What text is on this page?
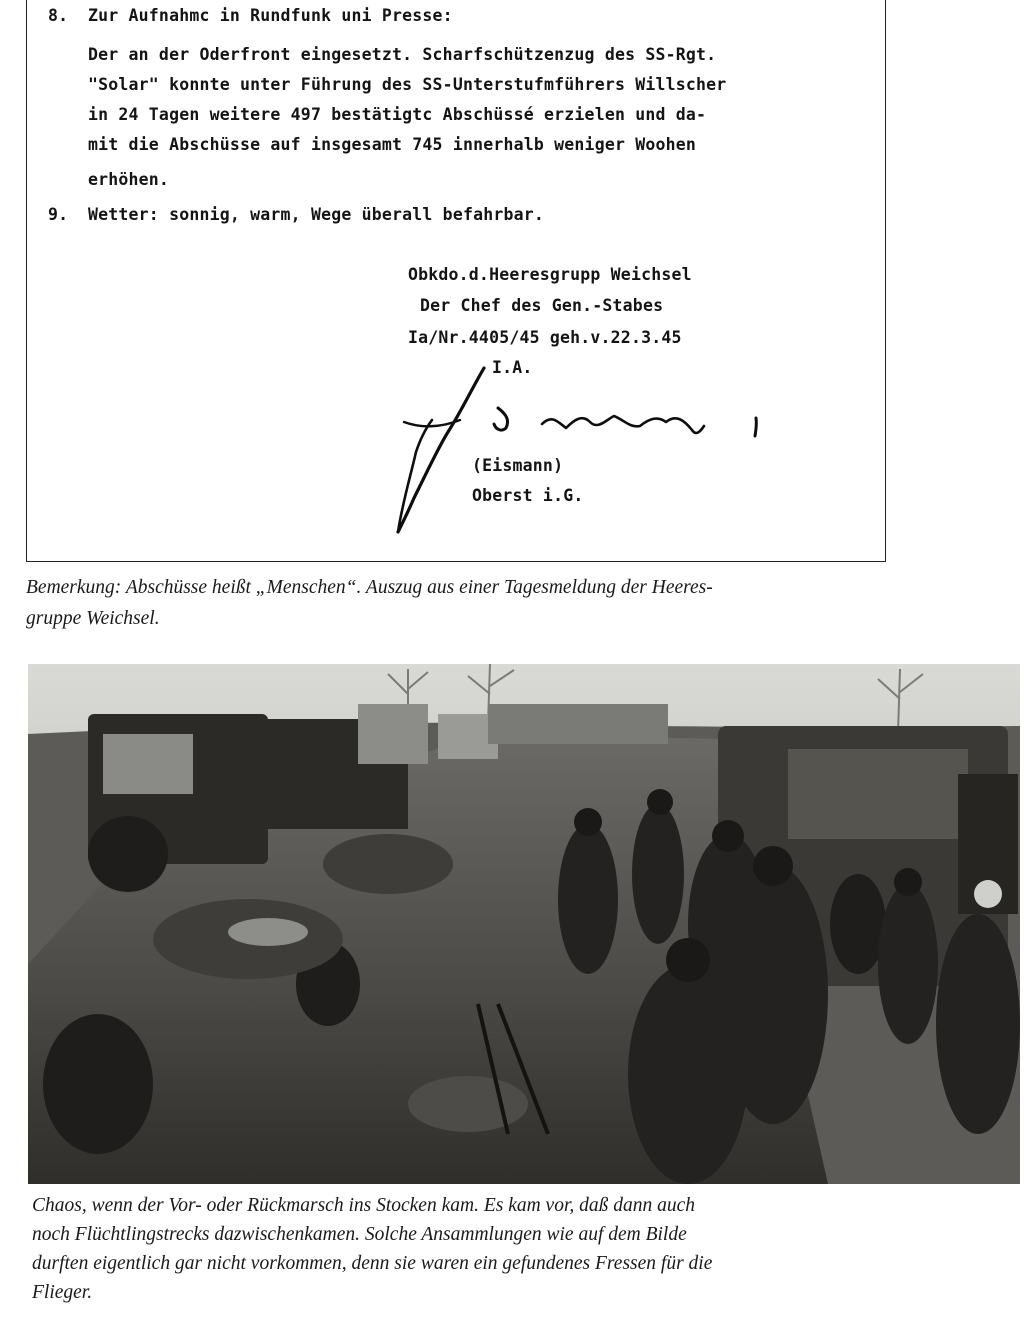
8. Zur Aufnahmc in Rundfunk uni Presse:
Der an der Oderfront eingesetzt. Scharfschützenzug des SS-Rgt.
"Solar" konnte unter Führung des SS-Unterstufmführers Willscher
in 24 Tagen weitere 497 bestätigtc Abschüssé erzielen und da-
mit die Abschüsse auf insgesamt 745 innerhalb weniger Woohen
erhöhen.
9. Wetter: sonnig, warm, Wege überall befahrbar.
Obkdo.d.Heeresgrupp Weichsel
Der Chef des Gen.-Stabes
Ia/Nr.4405/45 geh.v.22.3.45
I.A.
(Eismann)
Oberst i.G.
Bemerkung: Abschüsse heißt „Menschen“. Auszug aus einer Tagesmeldung der Heeres-
gruppe Weichsel.
Chaos, wenn der Vor- oder Rückmarsch ins Stocken kam. Es kam vor, daß dann auch
noch Flüchtlingstrecks dazwischenkamen. Solche Ansammlungen wie auf dem Bilde
durften eigentlich gar nicht vorkommen, denn sie waren ein gefundenes Fressen für die
Flieger.
